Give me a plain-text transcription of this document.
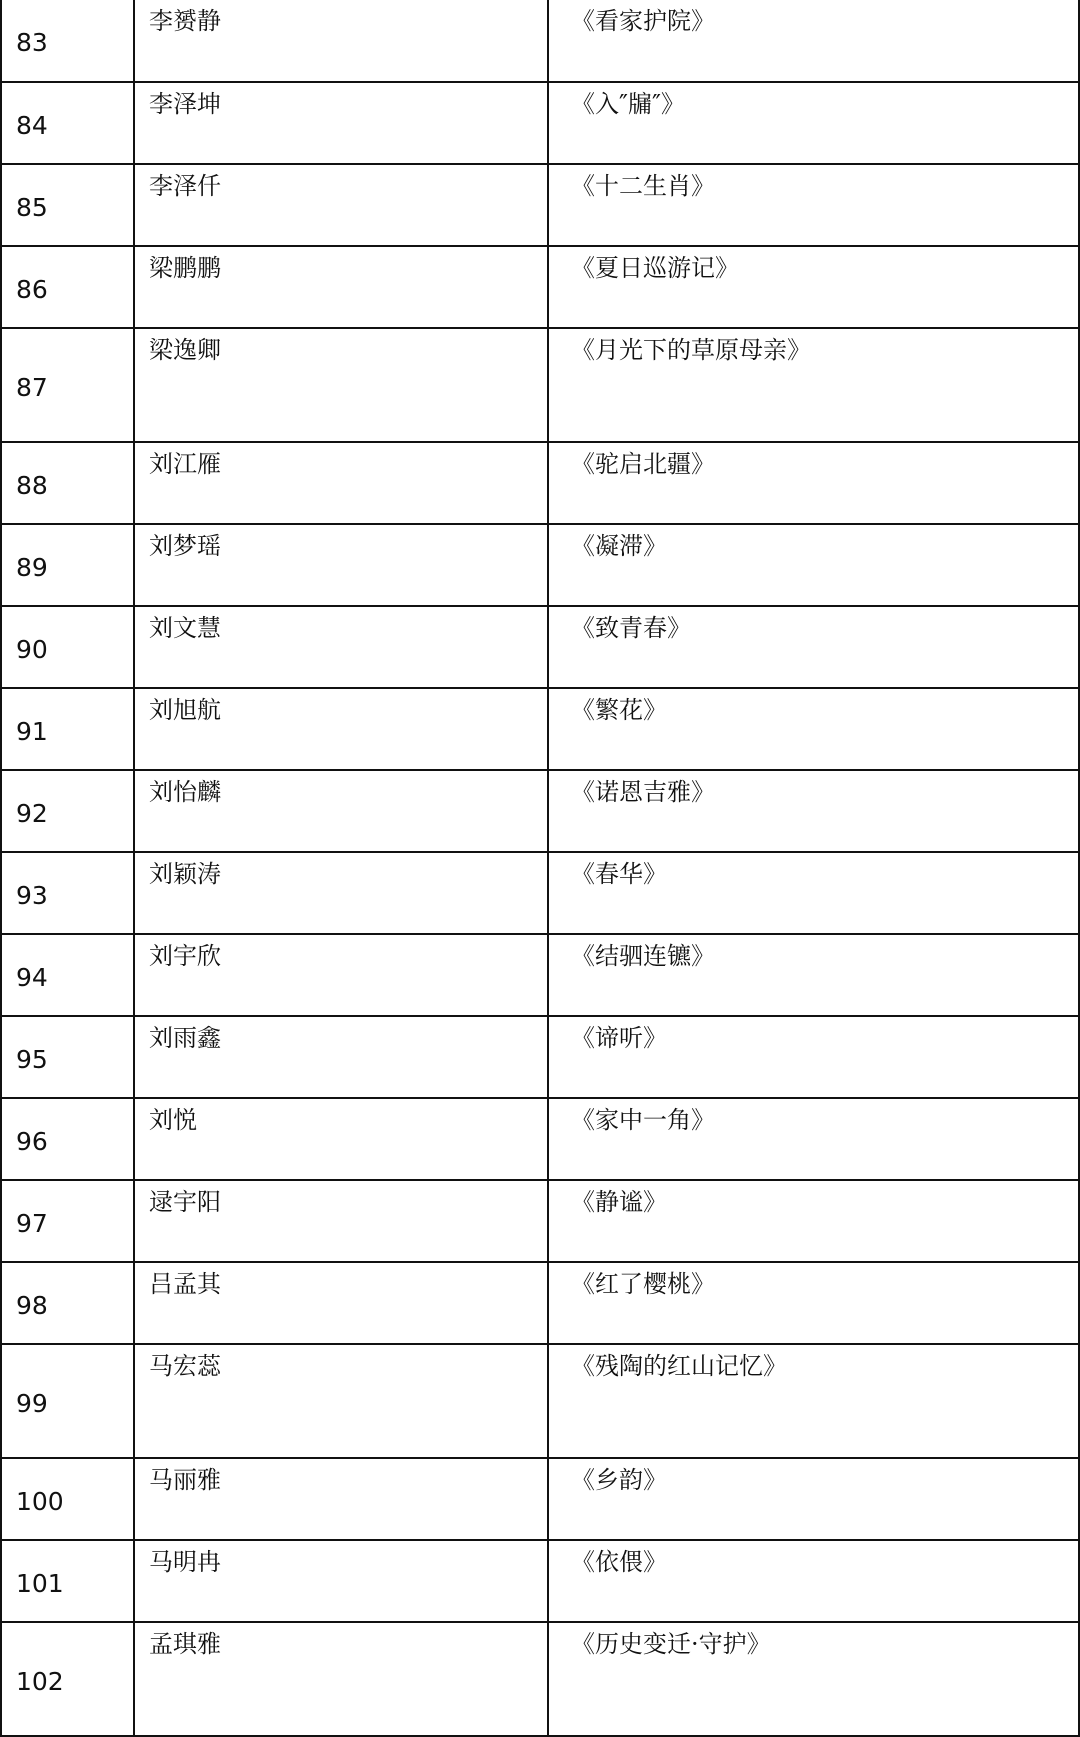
83	李赟静	《看家护院》
84	李泽坤	《入″牖″》
85	李泽仟	《十二生肖》
86	梁鹏鹏	《夏日巡游记》
87	梁逸卿	《月光下的草原母亲》
88	刘江雁	《驼启北疆》
89	刘梦瑶	《凝滞》
90	刘文慧	《致青春》
91	刘旭航	《繁花》
92	刘怡麟	《诺恩吉雅》
93	刘颖涛	《春华》
94	刘宇欣	《结驷连镳》
95	刘雨鑫	《谛听》
96	刘悦	《家中一角》
97	逯宇阳	《静谧》
98	吕孟其	《红了樱桃》
99	马宏蕊	《残陶的红山记忆》
100	马丽雅	《乡韵》
101	马明冉	《依偎》
102	孟琪雅	《历史变迁·守护》
